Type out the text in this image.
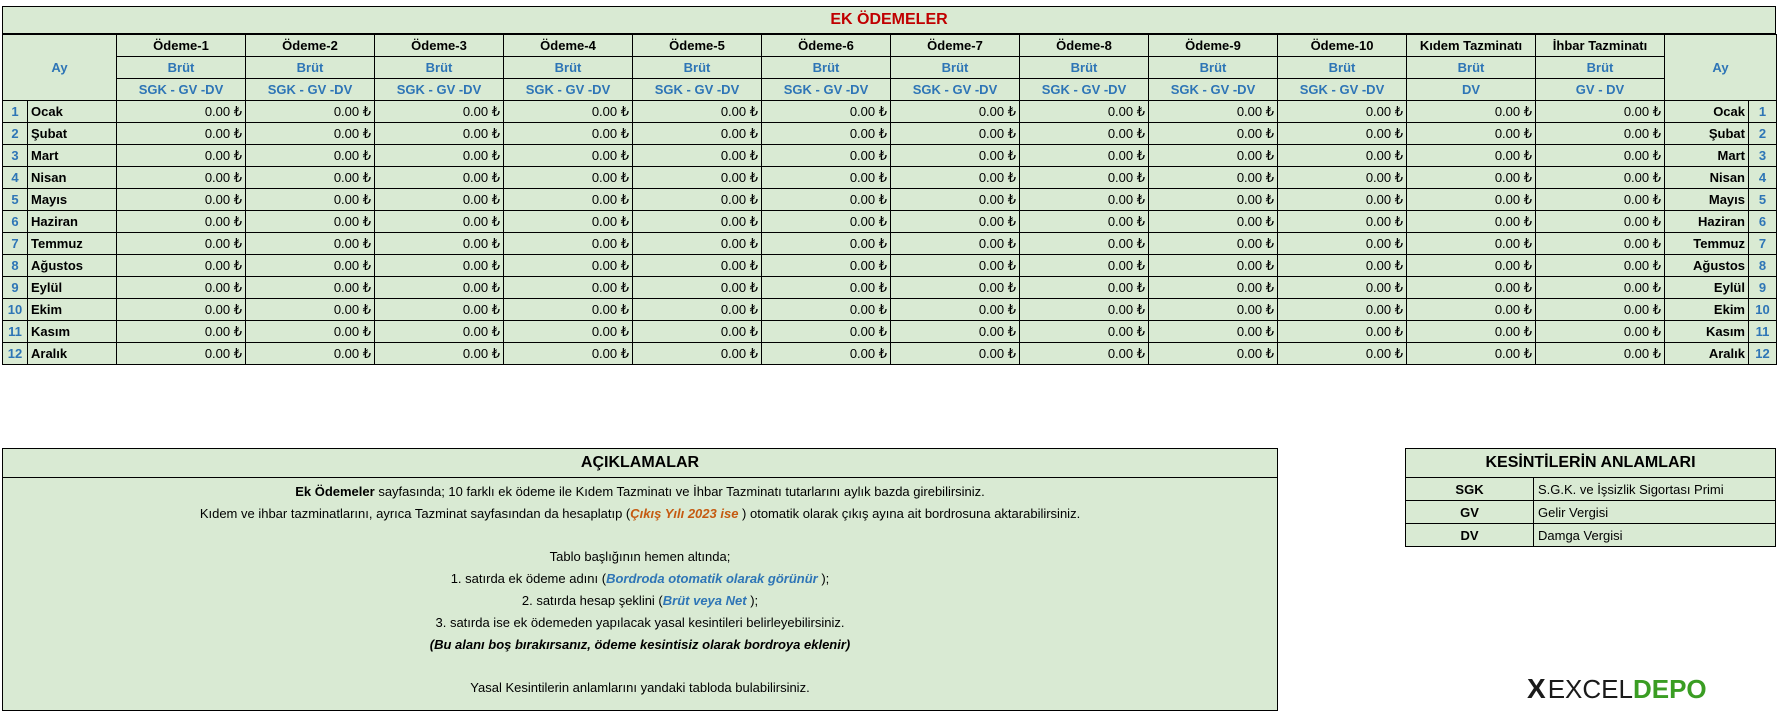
EK ÖDEMELER
Ay		Ödeme-1	Ödeme-2	Ödeme-3	Ödeme-4	Ödeme-5	Ödeme-6	Ödeme-7	Ödeme-8	Ödeme-9	Ödeme-10	Kıdem Tazminatı	İhbar Tazminatı	Ay	
		Brüt	Brüt	Brüt	Brüt	Brüt	Brüt	Brüt	Brüt	Brüt	Brüt	Brüt	Brüt		
		SGK - GV -DV	SGK - GV -DV	SGK - GV -DV	SGK - GV -DV	SGK - GV -DV	SGK - GV -DV	SGK - GV -DV	SGK - GV -DV	SGK - GV -DV	SGK - GV -DV	DV	GV - DV		
1	Ocak	0.00 ₺	0.00 ₺	0.00 ₺	0.00 ₺	0.00 ₺	0.00 ₺	0.00 ₺	0.00 ₺	0.00 ₺	0.00 ₺	0.00 ₺	0.00 ₺	Ocak	1
2	Şubat	0.00 ₺	0.00 ₺	0.00 ₺	0.00 ₺	0.00 ₺	0.00 ₺	0.00 ₺	0.00 ₺	0.00 ₺	0.00 ₺	0.00 ₺	0.00 ₺	Şubat	2
3	Mart	0.00 ₺	0.00 ₺	0.00 ₺	0.00 ₺	0.00 ₺	0.00 ₺	0.00 ₺	0.00 ₺	0.00 ₺	0.00 ₺	0.00 ₺	0.00 ₺	Mart	3
4	Nisan	0.00 ₺	0.00 ₺	0.00 ₺	0.00 ₺	0.00 ₺	0.00 ₺	0.00 ₺	0.00 ₺	0.00 ₺	0.00 ₺	0.00 ₺	0.00 ₺	Nisan	4
5	Mayıs	0.00 ₺	0.00 ₺	0.00 ₺	0.00 ₺	0.00 ₺	0.00 ₺	0.00 ₺	0.00 ₺	0.00 ₺	0.00 ₺	0.00 ₺	0.00 ₺	Mayıs	5
6	Haziran	0.00 ₺	0.00 ₺	0.00 ₺	0.00 ₺	0.00 ₺	0.00 ₺	0.00 ₺	0.00 ₺	0.00 ₺	0.00 ₺	0.00 ₺	0.00 ₺	Haziran	6
7	Temmuz	0.00 ₺	0.00 ₺	0.00 ₺	0.00 ₺	0.00 ₺	0.00 ₺	0.00 ₺	0.00 ₺	0.00 ₺	0.00 ₺	0.00 ₺	0.00 ₺	Temmuz	7
8	Ağustos	0.00 ₺	0.00 ₺	0.00 ₺	0.00 ₺	0.00 ₺	0.00 ₺	0.00 ₺	0.00 ₺	0.00 ₺	0.00 ₺	0.00 ₺	0.00 ₺	Ağustos	8
9	Eylül	0.00 ₺	0.00 ₺	0.00 ₺	0.00 ₺	0.00 ₺	0.00 ₺	0.00 ₺	0.00 ₺	0.00 ₺	0.00 ₺	0.00 ₺	0.00 ₺	Eylül	9
10	Ekim	0.00 ₺	0.00 ₺	0.00 ₺	0.00 ₺	0.00 ₺	0.00 ₺	0.00 ₺	0.00 ₺	0.00 ₺	0.00 ₺	0.00 ₺	0.00 ₺	Ekim	10
11	Kasım	0.00 ₺	0.00 ₺	0.00 ₺	0.00 ₺	0.00 ₺	0.00 ₺	0.00 ₺	0.00 ₺	0.00 ₺	0.00 ₺	0.00 ₺	0.00 ₺	Kasım	11
12	Aralık	0.00 ₺	0.00 ₺	0.00 ₺	0.00 ₺	0.00 ₺	0.00 ₺	0.00 ₺	0.00 ₺	0.00 ₺	0.00 ₺	0.00 ₺	0.00 ₺	Aralık	12
AÇIKLAMALAR
Ek Ödemeler sayfasında; 10 farklı ek ödeme ile Kıdem Tazminatı ve İhbar Tazminatı tutarlarını aylık bazda girebilirsiniz.
Kıdem ve ihbar tazminatlarını, ayrıca Tazminat sayfasından da hesaplatıp (Çıkış Yılı 2023 ise ) otomatik olarak çıkış ayına ait bordrosuna aktarabilirsiniz.
Tablo başlığının hemen altında;
1. satırda ek ödeme adını (Bordroda otomatik olarak görünür );
2. satırda hesap şeklini (Brüt veya Net );
3. satırda ise ek ödemeden yapılacak yasal kesintileri belirleyebilirsiniz.
(Bu alanı boş bırakırsanız, ödeme kesintisiz olarak bordroya eklenir)
Yasal Kesintilerin anlamlarını yandaki tabloda bulabilirsiniz.
KESİNTİLERİN ANLAMLARI
SGK	S.G.K. ve İşsizlik Sigortası Primi
GV	Gelir Vergisi
DV	Damga Vergisi
X EXCEL DEPO
